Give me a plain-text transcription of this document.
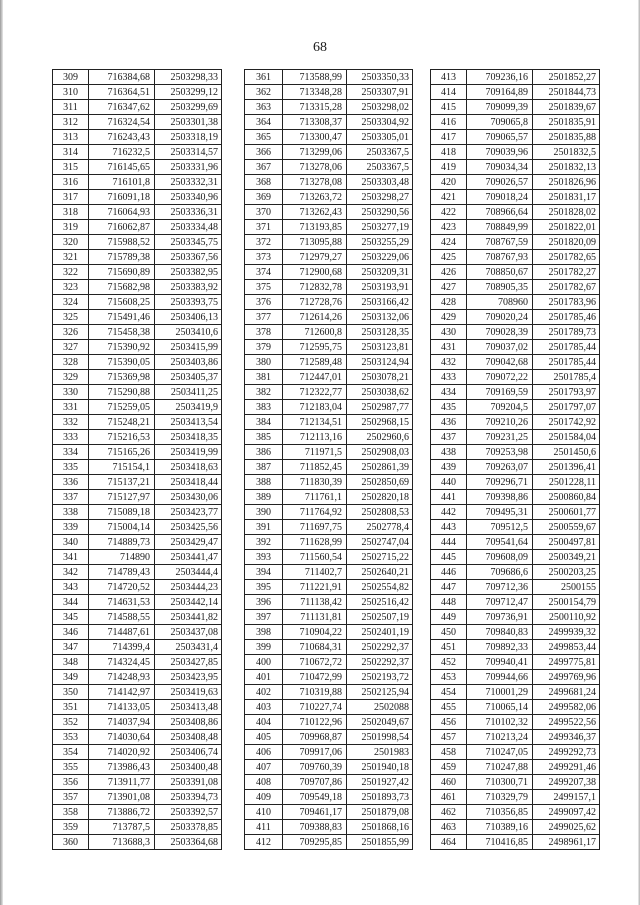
68
309	716384,68	2503298,33
310	716364,51	2503299,12
311	716347,62	2503299,69
312	716324,54	2503301,38
313	716243,43	2503318,19
314	716232,5	2503314,57
315	716145,65	2503331,96
316	716101,8	2503332,31
317	716091,18	2503340,96
318	716064,93	2503336,31
319	716062,87	2503334,48
320	715988,52	2503345,75
321	715789,38	2503367,56
322	715690,89	2503382,95
323	715682,98	2503383,92
324	715608,25	2503393,75
325	715491,46	2503406,13
326	715458,38	2503410,6
327	715390,92	2503415,99
328	715390,05	2503403,86
329	715369,98	2503405,37
330	715290,88	2503411,25
331	715259,05	2503419,9
332	715248,21	2503413,54
333	715216,53	2503418,35
334	715165,26	2503419,99
335	715154,1	2503418,63
336	715137,21	2503418,44
337	715127,97	2503430,06
338	715089,18	2503423,77
339	715004,14	2503425,56
340	714889,73	2503429,47
341	714890	2503441,47
342	714789,43	2503444,4
343	714720,52	2503444,23
344	714631,53	2503442,14
345	714588,55	2503441,82
346	714487,61	2503437,08
347	714399,4	2503431,4
348	714324,45	2503427,85
349	714248,93	2503423,95
350	714142,97	2503419,63
351	714133,05	2503413,48
352	714037,94	2503408,86
353	714030,64	2503408,48
354	714020,92	2503406,74
355	713986,43	2503400,48
356	713911,77	2503391,08
357	713901,08	2503394,73
358	713886,72	2503392,57
359	713787,5	2503378,85
360	713688,3	2503364,68
361	713588,99	2503350,33
362	713348,28	2503307,91
363	713315,28	2503298,02
364	713308,37	2503304,92
365	713300,47	2503305,01
366	713299,06	2503367,5
367	713278,06	2503367,5
368	713278,08	2503303,48
369	713263,72	2503298,27
370	713262,43	2503290,56
371	713193,85	2503277,19
372	713095,88	2503255,29
373	712979,27	2503229,06
374	712900,68	2503209,31
375	712832,78	2503193,91
376	712728,76	2503166,42
377	712614,26	2503132,06
378	712600,8	2503128,35
379	712595,75	2503123,81
380	712589,48	2503124,94
381	712447,01	2503078,21
382	712322,77	2503038,62
383	712183,04	2502987,77
384	712134,51	2502968,15
385	712113,16	2502960,6
386	711971,5	2502908,03
387	711852,45	2502861,39
388	711830,39	2502850,69
389	711761,1	2502820,18
390	711764,92	2502808,53
391	711697,75	2502778,4
392	711628,99	2502747,04
393	711560,54	2502715,22
394	711402,7	2502640,21
395	711221,91	2502554,82
396	711138,42	2502516,42
397	711131,81	2502507,19
398	710904,22	2502401,19
399	710684,31	2502292,37
400	710672,72	2502292,37
401	710472,99	2502193,72
402	710319,88	2502125,94
403	710227,74	2502088
404	710122,96	2502049,67
405	709968,87	2501998,54
406	709917,06	2501983
407	709760,39	2501940,18
408	709707,86	2501927,42
409	709549,18	2501893,73
410	709461,17	2501879,08
411	709388,83	2501868,16
412	709295,85	2501855,99
413	709236,16	2501852,27
414	709164,89	2501844,73
415	709099,39	2501839,67
416	709065,8	2501835,91
417	709065,57	2501835,88
418	709039,96	2501832,5
419	709034,34	2501832,13
420	709026,57	2501826,96
421	709018,24	2501831,17
422	708966,64	2501828,02
423	708849,99	2501822,01
424	708767,59	2501820,09
425	708767,93	2501782,65
426	708850,67	2501782,27
427	708905,35	2501782,67
428	708960	2501783,96
429	709020,24	2501785,46
430	709028,39	2501789,73
431	709037,02	2501785,44
432	709042,68	2501785,44
433	709072,22	2501785,4
434	709169,59	2501793,97
435	709204,5	2501797,07
436	709210,26	2501742,92
437	709231,25	2501584,04
438	709253,98	2501450,6
439	709263,07	2501396,41
440	709296,71	2501228,11
441	709398,86	2500860,84
442	709495,31	2500601,77
443	709512,5	2500559,67
444	709541,64	2500497,81
445	709608,09	2500349,21
446	709686,6	2500203,25
447	709712,36	2500155
448	709712,47	2500154,79
449	709736,91	2500110,92
450	709840,83	2499939,32
451	709892,33	2499853,44
452	709940,41	2499775,81
453	709944,66	2499769,96
454	710001,29	2499681,24
455	710065,14	2499582,06
456	710102,32	2499522,56
457	710213,24	2499346,37
458	710247,05	2499292,73
459	710247,88	2499291,46
460	710300,71	2499207,38
461	710329,79	2499157,1
462	710356,85	2499097,42
463	710389,16	2499025,62
464	710416,85	2498961,17
